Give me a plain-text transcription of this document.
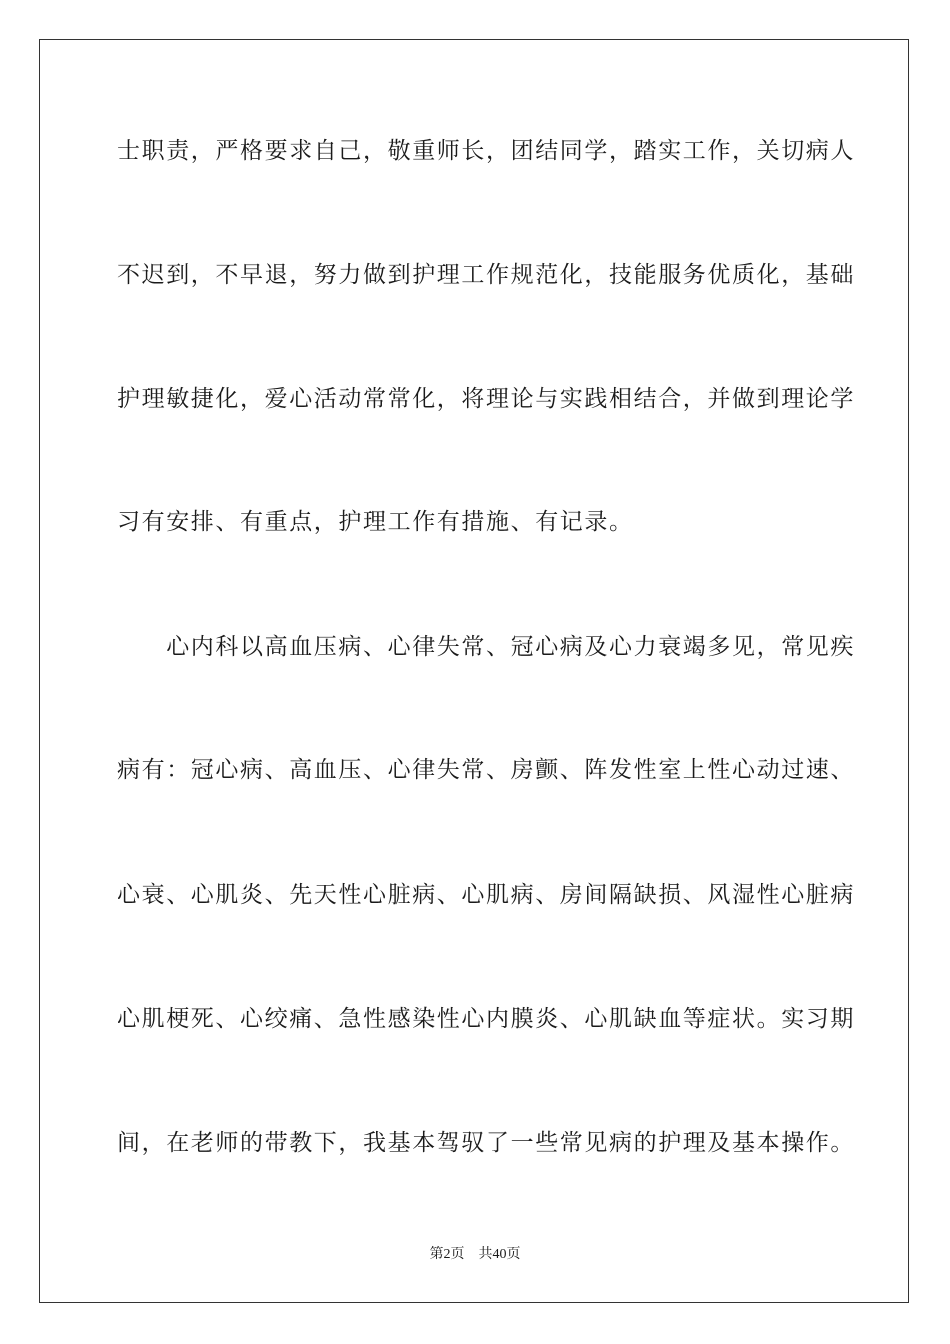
士职责，严格要求自己，敬重师长，团结同学，踏实工作，关切病人
不迟到，不早退，努力做到护理工作规范化，技能服务优质化，基础
护理敏捷化，爱心活动常常化，将理论与实践相结合，并做到理论学
习有安排、有重点，护理工作有措施、有记录。
　　心内科以高血压病、心律失常、冠心病及心力衰竭多见，常见疾
病有：冠心病、高血压、心律失常、房颤、阵发性室上性心动过速、
心衰、心肌炎、先天性心脏病、心肌病、房间隔缺损、风湿性心脏病
心肌梗死、心绞痛、急性感染性心内膜炎、心肌缺血等症状。实习期
间，在老师的带教下，我基本驾驭了一些常见病的护理及基本操作。
第2页　共40页
